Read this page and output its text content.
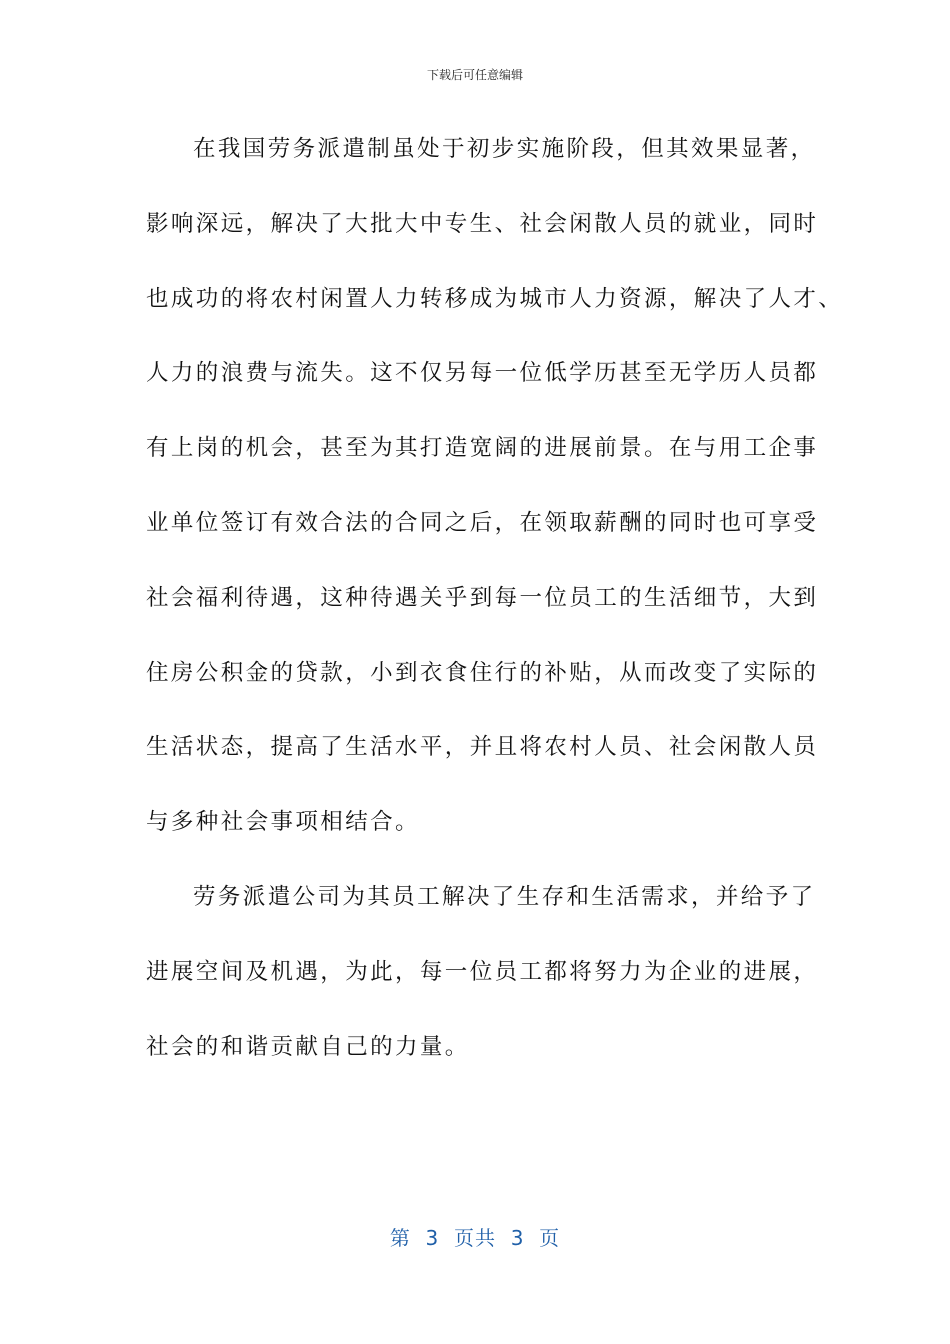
下载后可任意编辑
在我国劳务派遣制虽处于初步实施阶段，但其效果显著，
影响深远，解决了大批大中专生、社会闲散人员的就业，同时
也成功的将农村闲置人力转移成为城市人力资源，解决了人才、
人力的浪费与流失。这不仅另每一位低学历甚至无学历人员都
有上岗的机会，甚至为其打造宽阔的进展前景。在与用工企事
业单位签订有效合法的合同之后，在领取薪酬的同时也可享受
社会福利待遇，这种待遇关乎到每一位员工的生活细节，大到
住房公积金的贷款，小到衣食住行的补贴，从而改变了实际的
生活状态，提高了生活水平，并且将农村人员、社会闲散人员
与多种社会事项相结合。
劳务派遣公司为其员工解决了生存和生活需求，并给予了
进展空间及机遇，为此，每一位员工都将努力为企业的进展，
社会的和谐贡献自己的力量。
第  3  页共  3  页
